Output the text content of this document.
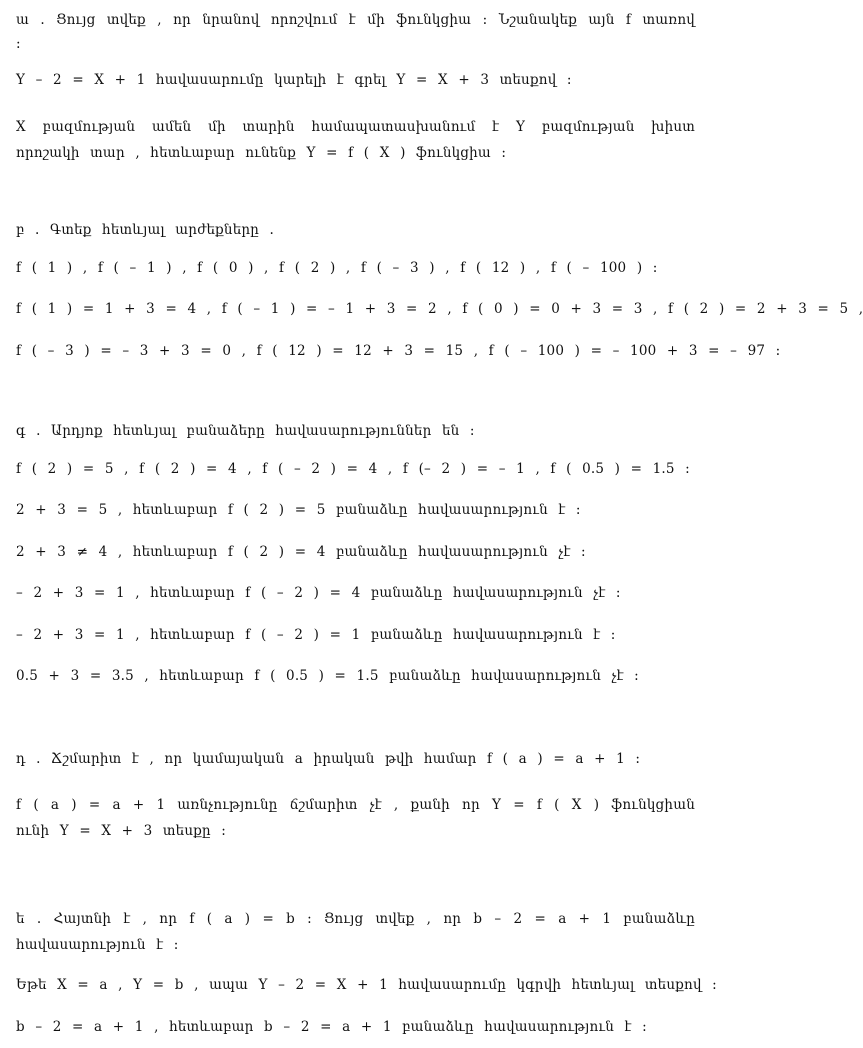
ա . Ցույց տվեք , որ նրանով որոշվում է մի ֆունկցիա : Նշանակեք այն f տառով :
Y – 2 = X + 1 հավասարումը կարելի է գրել Y = X + 3 տեսքով :
X բազմության ամեն մի տարին համապատասխանում է Y բազմության խիստ որոշակի տար , հետևաբար ունենք Y = f ( X ) ֆունկցիա :
բ . Գտեք հետևյալ արժեքները .
f ( 1 ) , f ( – 1 ) , f ( 0 ) , f ( 2 ) , f ( – 3 ) , f ( 12 ) , f ( – 100 ) :
f ( 1 ) = 1 + 3 = 4 , f ( – 1 ) = – 1 + 3 = 2 , f ( 0 ) = 0 + 3 = 3 , f ( 2 ) = 2 + 3 = 5 ,
f ( – 3 ) = – 3 + 3 = 0 , f ( 12 ) = 12 + 3 = 15 , f ( – 100 ) = – 100 + 3 = – 97 :
գ . Արդյոք հետևյալ բանաձերը հավասարություններ են :
f ( 2 ) = 5 , f ( 2 ) = 4 , f ( – 2 ) = 4 , f (– 2 ) = – 1 , f ( 0.5 ) = 1.5 :
2 + 3 = 5 , հետևաբար f ( 2 ) = 5 բանաձևը հավասարություն է :
2 + 3 ≠ 4 , հետևաբար f ( 2 ) = 4 բանաձևը հավասարություն չէ :
– 2 + 3 = 1 , հետևաբար f ( – 2 ) = 4 բանաձևը հավասարություն չէ :
– 2 + 3 = 1 , հետևաբար f ( – 2 ) = 1 բանաձևը հավասարություն է :
0.5 + 3 = 3.5 , հետևաբար f ( 0.5 ) = 1.5 բանաձևը հավասարություն չէ :
դ . Ճշմարիտ է , որ կամայական a իրական թվի համար f ( a ) = a + 1 :
f ( a ) = a + 1 առնչությունը ճշմարիտ չէ , քանի որ Y = f ( X ) ֆունկցիան ունի Y = X + 3 տեսքը :
ե . Հայտնի է , որ f ( a ) = b : Ցույց տվեք , որ b – 2 = a + 1 բանաձևը հավասարություն է :
Եթե X = a , Y = b , ապա Y – 2 = X + 1 հավասարումը կգրվի հետևյալ տեսքով :
b – 2 = a + 1 , հետևաբար b – 2 = a + 1 բանաձևը հավասարություն է :
